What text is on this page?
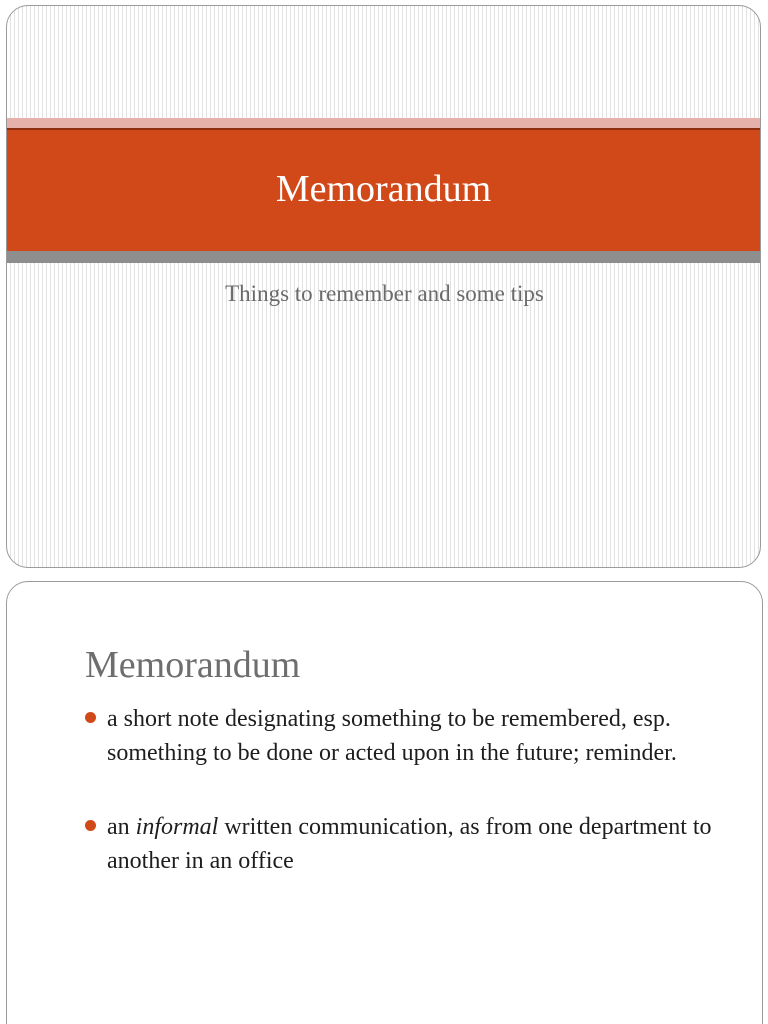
Memorandum
Things to remember and some tips
Memorandum
a short note designating something to be remembered, esp. something to be done or acted upon in the future; reminder.
an informal written communication, as from one department to another in an office
